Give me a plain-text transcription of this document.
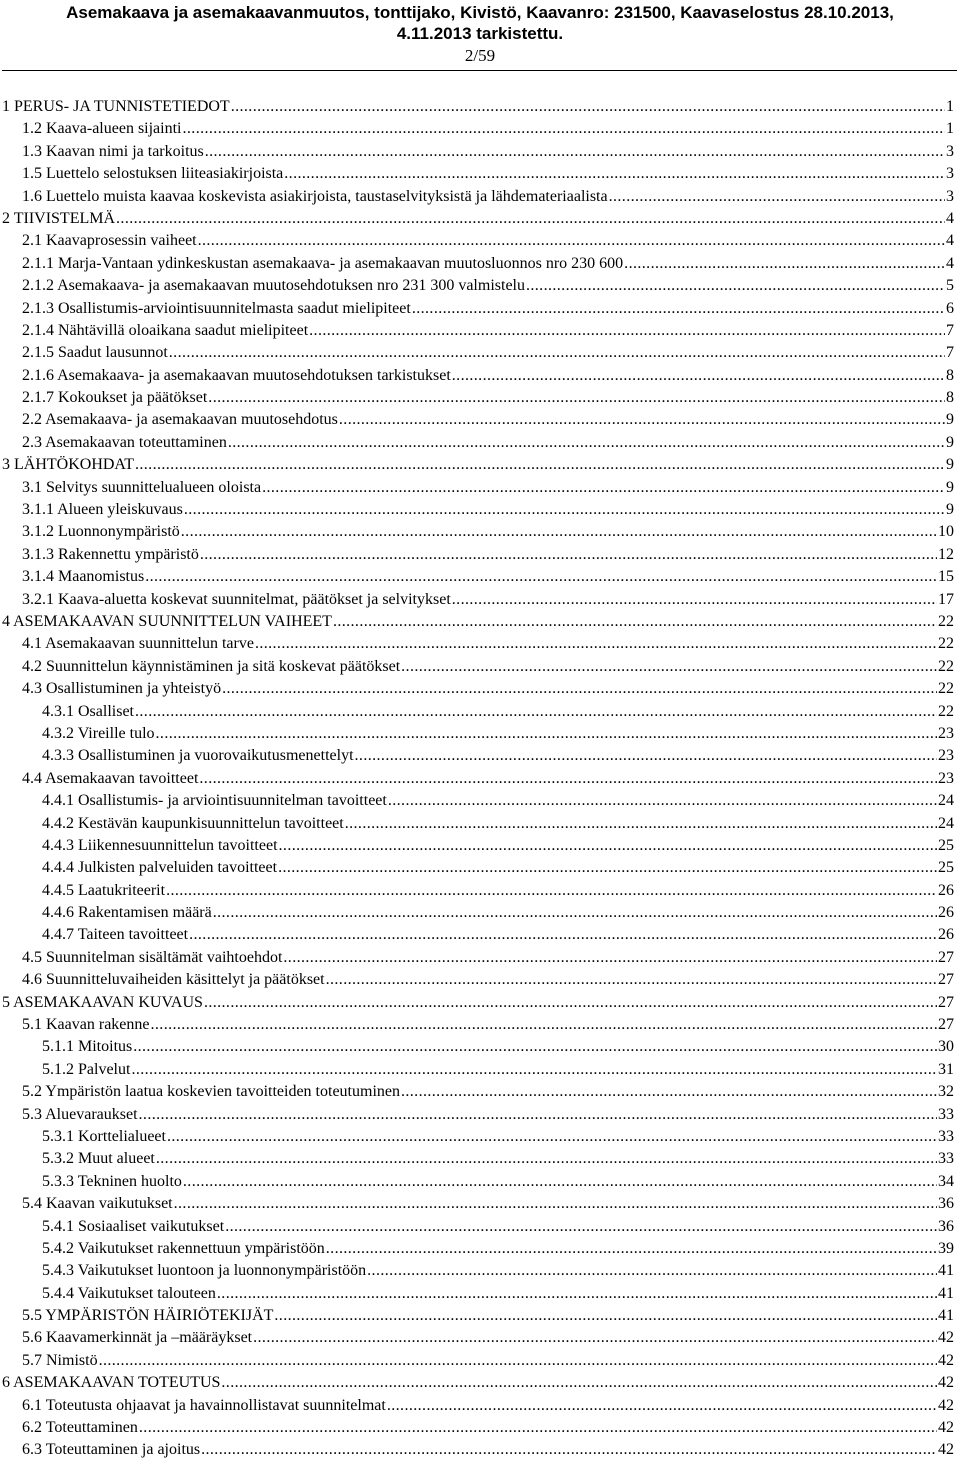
Asemakaava ja asemakaavanmuutos, tonttijako, Kivistö, Kaavanro: 231500, Kaavaselostus 28.10.2013,
4.11.2013 tarkistettu.
2/59
1 PERUS- JA TUNNISTETIEDOT .....	1
1.2 Kaava-alueen sijainti .....	1
1.3 Kaavan nimi ja tarkoitus .....	3
1.5 Luettelo selostuksen liiteasiakirjoista .....	3
1.6 Luettelo muista kaavaa koskevista asiakirjoista, taustaselvityksistä ja lähdemateriaalista .....	3
2 TIIVISTELMÄ .....	4
2.1 Kaavaprosessin vaiheet .....	4
2.1.1 Marja-Vantaan ydinkeskustan asemakaava- ja asemakaavan muutosluonnos nro 230 600 .....	4
2.1.2 Asemakaava- ja asemakaavan muutosehdotuksen nro 231 300 valmistelu .....	5
2.1.3 Osallistumis-arviointisuunnitelmasta saadut mielipiteet .....	6
2.1.4 Nähtävillä oloaikana saadut mielipiteet .....	7
2.1.5 Saadut lausunnot .....	7
2.1.6 Asemakaava- ja asemakaavan muutosehdotuksen tarkistukset .....	8
2.1.7 Kokoukset ja päätökset .....	8
2.2 Asemakaava- ja asemakaavan muutosehdotus .....	9
2.3 Asemakaavan toteuttaminen .....	9
3 LÄHTÖKOHDAT .....	9
3.1 Selvitys suunnittelualueen oloista .....	9
3.1.1 Alueen yleiskuvaus .....	9
3.1.2 Luonnonympäristö .....	10
3.1.3 Rakennettu ympäristö .....	12
3.1.4 Maanomistus .....	15
3.2.1 Kaava-aluetta koskevat suunnitelmat, päätökset ja selvitykset .....	17
4 ASEMAKAAVAN SUUNNITTELUN VAIHEET .....	22
4.1 Asemakaavan suunnittelun tarve .....	22
4.2 Suunnittelun käynnistäminen ja sitä koskevat päätökset .....	22
4.3 Osallistuminen ja yhteistyö .....	22
4.3.1 Osalliset .....	22
4.3.2 Vireille tulo .....	23
4.3.3 Osallistuminen ja vuorovaikutusmenettelyt .....	23
4.4 Asemakaavan tavoitteet .....	23
4.4.1 Osallistumis- ja arviointisuunnitelman tavoitteet .....	24
4.4.2 Kestävän kaupunkisuunnittelun tavoitteet .....	24
4.4.3 Liikennesuunnittelun tavoitteet .....	25
4.4.4 Julkisten palveluiden tavoitteet .....	25
4.4.5 Laatukriteerit .....	26
4.4.6 Rakentamisen määrä .....	26
4.4.7 Taiteen tavoitteet .....	26
4.5 Suunnitelman sisältämät vaihtoehdot .....	27
4.6 Suunnitteluvaiheiden käsittelyt ja päätökset .....	27
5 ASEMAKAAVAN KUVAUS .....	27
5.1 Kaavan rakenne .....	27
5.1.1 Mitoitus .....	30
5.1.2 Palvelut .....	31
5.2 Ympäristön laatua koskevien tavoitteiden toteutuminen .....	32
5.3 Aluevaraukset .....	33
5.3.1 Korttelialueet .....	33
5.3.2 Muut alueet .....	33
5.3.3 Tekninen huolto .....	34
5.4 Kaavan vaikutukset .....	36
5.4.1 Sosiaaliset vaikutukset .....	36
5.4.2 Vaikutukset rakennettuun ympäristöön .....	39
5.4.3 Vaikutukset luontoon ja luonnonympäristöön .....	41
5.4.4 Vaikutukset talouteen .....	41
5.5 YMPÄRISTÖN HÄIRIÖTEKIJÄT .....	41
5.6 Kaavamerkinnät ja –määräykset .....	42
5.7 Nimistö .....	42
6 ASEMAKAAVAN TOTEUTUS .....	42
6.1 Toteutusta ohjaavat ja havainnollistavat suunnitelmat .....	42
6.2 Toteuttaminen .....	42
6.3 Toteuttaminen ja ajoitus .....	42
